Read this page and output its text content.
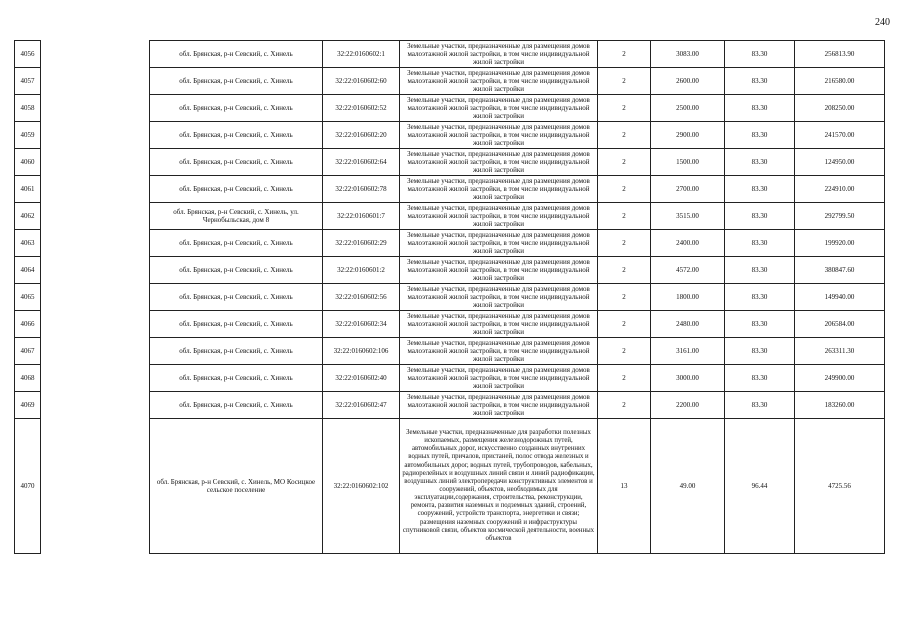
240
4056		обл. Брянская, р-н Севский, с. Хинель	32:22:0160602:1	Земельные участки, предназначенные для размещения домов малоэтажной жилой застройки, в том числе индивидуальной жилой застройки	2	3083.00	83.30	256813.90
4057		обл. Брянская, р-н Севский, с. Хинель	32:22:0160602:60	Земельные участки, предназначенные для размещения домов малоэтажной жилой застройки, в том числе индивидуальной жилой застройки	2	2600.00	83.30	216580.00
4058		обл. Брянская, р-н Севский, с. Хинель	32:22:0160602:52	Земельные участки, предназначенные для размещения домов малоэтажной жилой застройки, в том числе индивидуальной жилой застройки	2	2500.00	83.30	208250.00
4059		обл. Брянская, р-н Севский, с. Хинель	32:22:0160602:20	Земельные участки, предназначенные для размещения домов малоэтажной жилой застройки, в том числе индивидуальной жилой застройки	2	2900.00	83.30	241570.00
4060		обл. Брянская, р-н Севский, с. Хинель	32:22:0160602:64	Земельные участки, предназначенные для размещения домов малоэтажной жилой застройки, в том числе индивидуальной жилой застройки	2	1500.00	83.30	124950.00
4061		обл. Брянская, р-н Севский, с. Хинель	32:22:0160602:78	Земельные участки, предназначенные для размещения домов малоэтажной жилой застройки, в том числе индивидуальной жилой застройки	2	2700.00	83.30	224910.00
4062		обл. Брянская, р-н Севский, с. Хинель, ул. Чернобыльская, дом 8	32:22:0160601:7	Земельные участки, предназначенные для размещения домов малоэтажной жилой застройки, в том числе индивидуальной жилой застройки	2	3515.00	83.30	292799.50
4063		обл. Брянская, р-н Севский, с. Хинель	32:22:0160602:29	Земельные участки, предназначенные для размещения домов малоэтажной жилой застройки, в том числе индивидуальной жилой застройки	2	2400.00	83.30	199920.00
4064		обл. Брянская, р-н Севский, с. Хинель	32:22:0160601:2	Земельные участки, предназначенные для размещения домов малоэтажной жилой застройки, в том числе индивидуальной жилой застройки	2	4572.00	83.30	380847.60
4065		обл. Брянская, р-н Севский, с. Хинель	32:22:0160602:56	Земельные участки, предназначенные для размещения домов малоэтажной жилой застройки, в том числе индивидуальной жилой застройки	2	1800.00	83.30	149940.00
4066		обл. Брянская, р-н Севский, с. Хинель	32:22:0160602:34	Земельные участки, предназначенные для размещения домов малоэтажной жилой застройки, в том числе индивидуальной жилой застройки	2	2480.00	83.30	206584.00
4067		обл. Брянская, р-н Севский, с. Хинель	32:22:0160602:106	Земельные участки, предназначенные для размещения домов малоэтажной жилой застройки, в том числе индивидуальной жилой застройки	2	3161.00	83.30	263311.30
4068		обл. Брянская, р-н Севский, с. Хинель	32:22:0160602:40	Земельные участки, предназначенные для размещения домов малоэтажной жилой застройки, в том числе индивидуальной жилой застройки	2	3000.00	83.30	249900.00
4069		обл. Брянская, р-н Севский, с. Хинель	32:22:0160602:47	Земельные участки, предназначенные для размещения домов малоэтажной жилой застройки, в том числе индивидуальной жилой застройки	2	2200.00	83.30	183260.00
4070		обл. Брянская, р-н Севский, с. Хинель, МО Косицкое сельское поселение	32:22:0160602:102	Земельные участки, предназначенные для разработки полезных ископаемых, размещения железнодорожных путей, автомобильных дорог, искусственно созданных внутренних водных путей, причалов, пристаней, полос отвода железных и автомобильных дорог, водных путей, трубопроводов, кабельных, радиорелейных и воздушных линий связи и линий радиофикации, воздушных линий электропередачи конструктивных элементов и сооружений, объектов, необходимых для эксплуатации,содержания, строительства, реконструкции, ремонта, развития наземных и подземных зданий, строений, сооружений, устройств транспорта, энергетики и связи; размещения наземных сооружений и инфраструктуры спутниковой связи, объектов космической деятельности, военных объектов	13	49.00	96.44	4725.56
